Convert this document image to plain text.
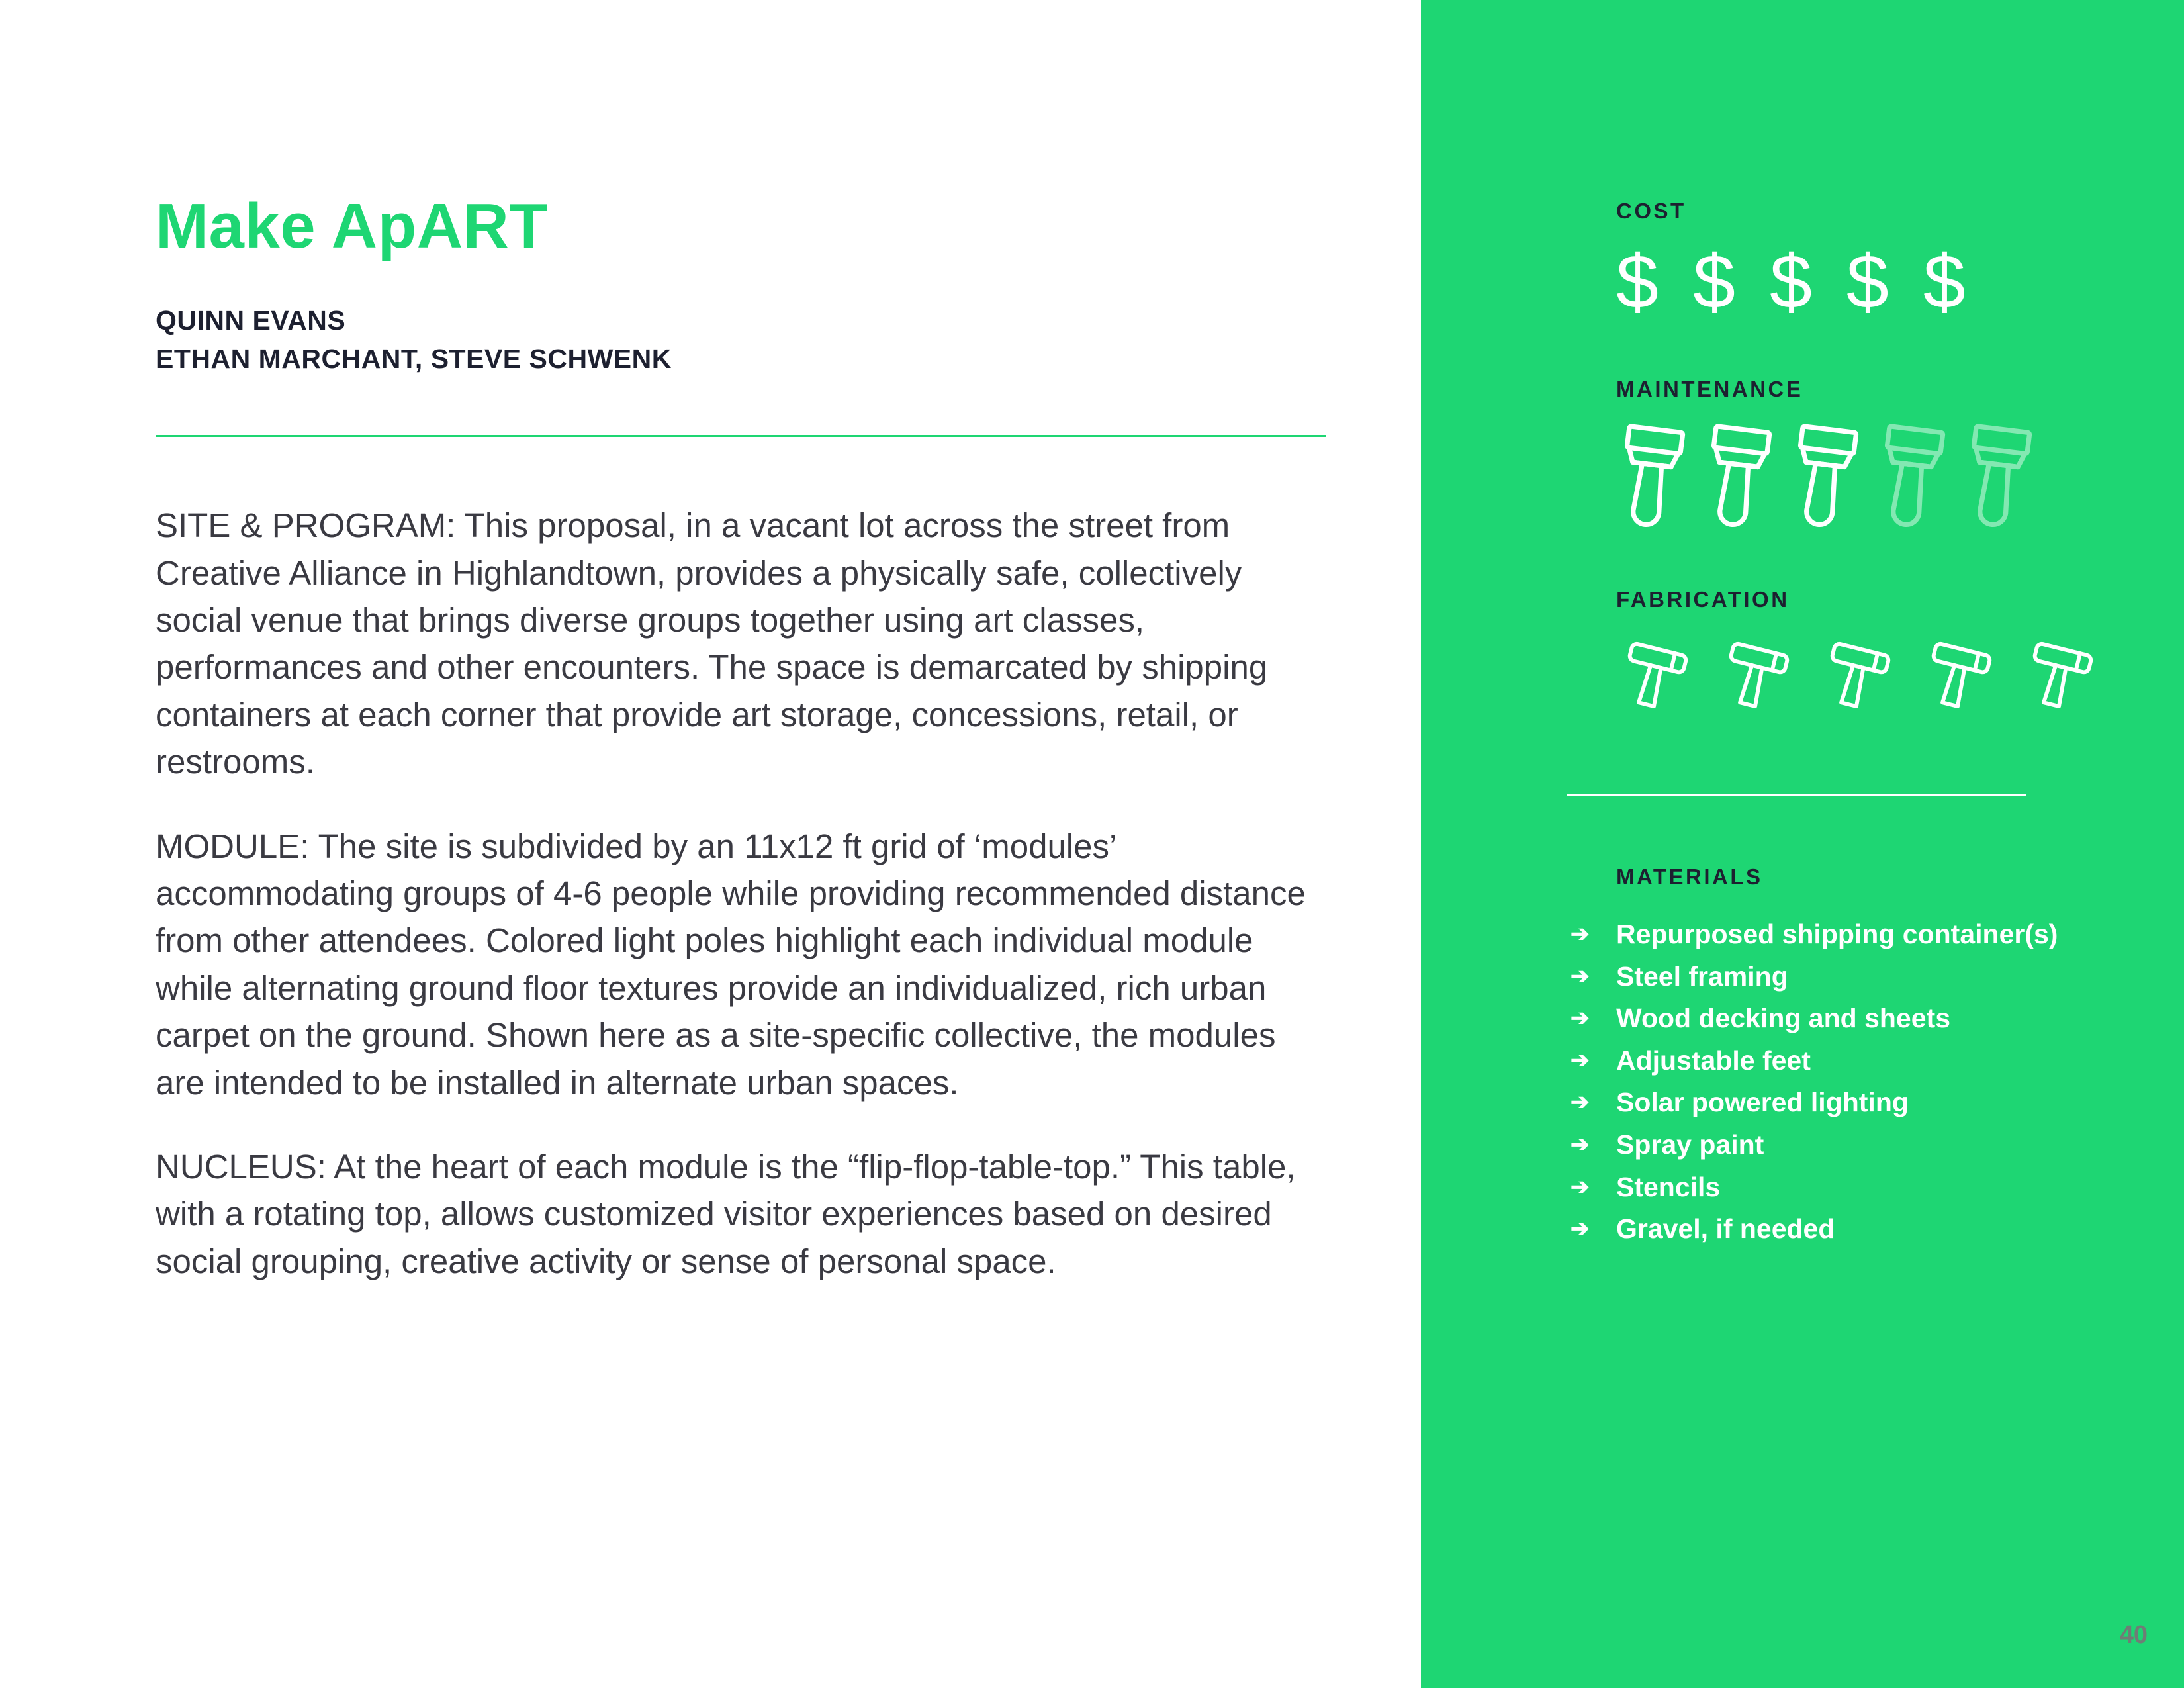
Make ApART
QUINN EVANS
ETHAN MARCHANT, STEVE SCHWENK

SITE & PROGRAM: This proposal, in a vacant lot across the street from Creative Alliance in Highlandtown, provides a physically safe, collectively social venue that brings diverse groups together using art classes, performances and other encounters. The space is demarcated by shipping containers at each corner that provide art storage, concessions, retail, or restrooms.

MODULE: The site is subdivided by an 11x12 ft grid of ‘modules’ accommodating groups of 4-6 people while providing recommended distance from other attendees. Colored light poles highlight each individual module while alternating ground floor textures provide an individualized, rich urban carpet on the ground. Shown here as a site-specific collective, the modules are intended to be installed in alternate urban spaces.

NUCLEUS: At the heart of each module is the “flip-flop-table-top.” This table, with a rotating top, allows customized visitor experiences based on desired social grouping, creative activity or sense of personal space.

COST
$ $ $ $ $
MAINTENANCE
FABRICATION
MATERIALS
➔ Repurposed shipping container(s)
➔ Steel framing
➔ Wood decking and sheets
➔ Adjustable feet
➔ Solar powered lighting
➔ Spray paint
➔ Stencils
➔ Gravel, if needed
40
